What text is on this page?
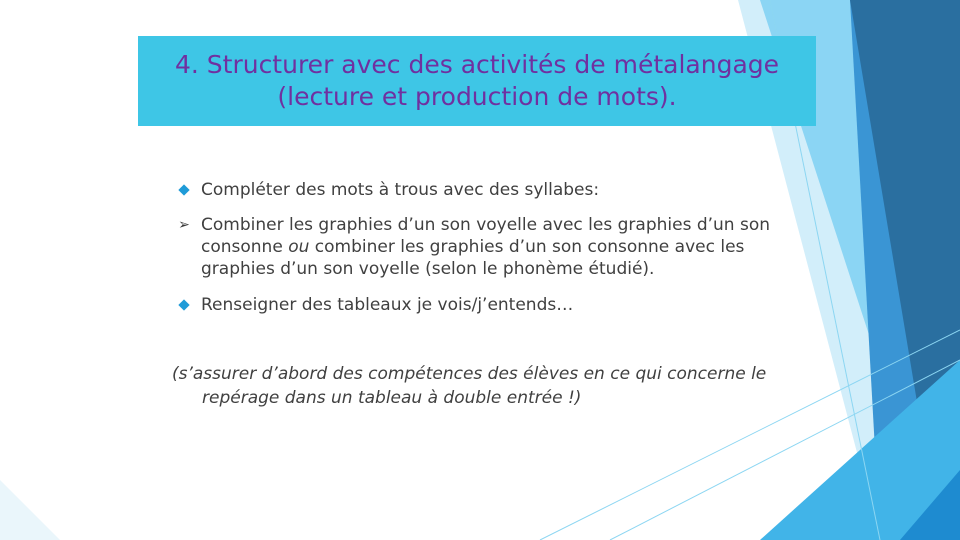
4. Structurer avec des activités de métalangage
(lecture et production de mots).
Compléter des mots à trous avec des syllabes:
➢ Combiner les graphies d’un son voyelle avec les graphies d’un son
consonne ou combiner les graphies d’un son consonne avec les
graphies d’un son voyelle (selon le phonème étudié).
Renseigner des tableaux je vois/j’entends…
(s’assurer d’abord des compétences des élèves en ce qui concerne le
repérage dans un tableau à double entrée !)
